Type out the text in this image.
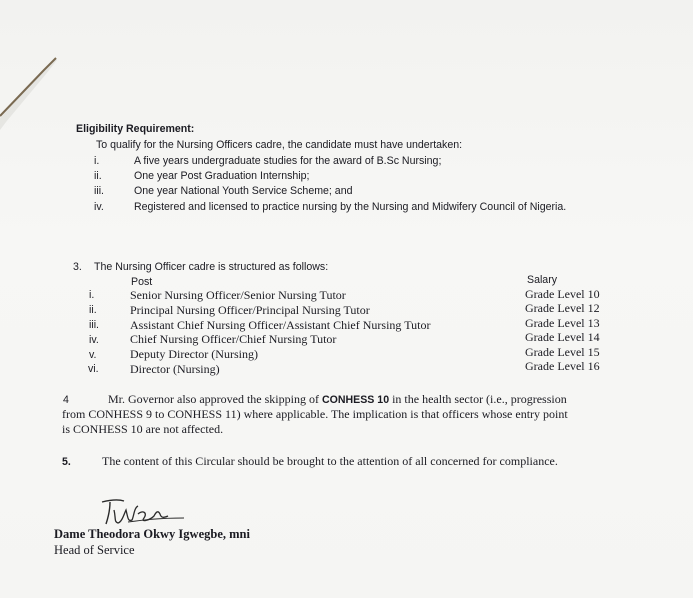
Eligibility Requirement:
To qualify for the Nursing Officers cadre, the candidate must have undertaken:
i.	A five years undergraduate studies for the award of B.Sc Nursing;
ii.	One year Post Graduation Internship;
iii.	One year National Youth Service Scheme; and
iv.	Registered and licensed to practice nursing by the Nursing and Midwifery Council of Nigeria.
3. The Nursing Officer cadre is structured as follows:
Post	Salary
i.	Senior Nursing Officer/Senior Nursing Tutor	Grade Level 10
ii.	Principal Nursing Officer/Principal Nursing Tutor	Grade Level 12
iii.	Assistant Chief Nursing Officer/Assistant Chief Nursing Tutor	Grade Level 13
iv.	Chief Nursing Officer/Chief Nursing Tutor	Grade Level 14
v.	Deputy Director (Nursing)	Grade Level 15
vi.	Director (Nursing)	Grade Level 16
4	Mr. Governor also approved the skipping of CONHESS 10 in the health sector (i.e., progression
from CONHESS 9 to CONHESS 11) where applicable. The implication is that officers whose entry point
is CONHESS 10 are not affected.
5.	The content of this Circular should be brought to the attention of all concerned for compliance.
Dame Theodora Okwy Igwegbe, mni
Head of Service
